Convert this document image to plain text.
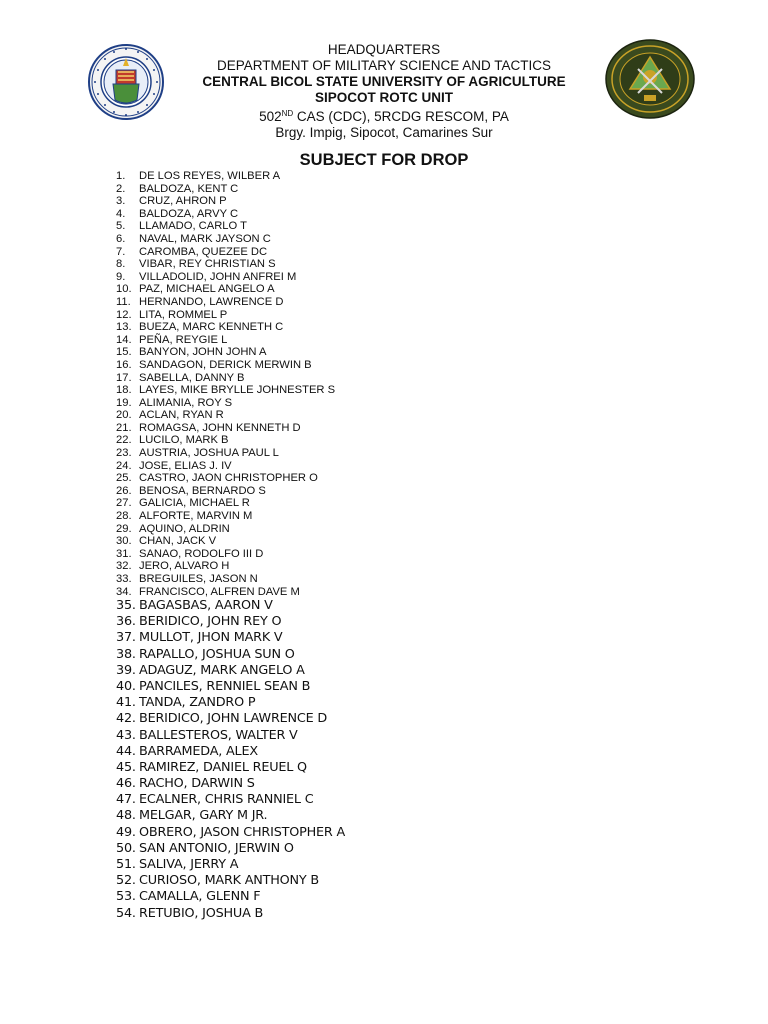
HEADQUARTERS
DEPARTMENT OF MILITARY SCIENCE AND TACTICS
CENTRAL BICOL STATE UNIVERSITY OF AGRICULTURE
SIPOCOT ROTC UNIT
502ND CAS (CDC), 5RCDG RESCOM, PA
Brgy. Impig, Sipocot, Camarines Sur
SUBJECT FOR DROP
1.	DE LOS REYES, WILBER A
2.	BALDOZA, KENT C
3.	CRUZ, AHRON P
4.	BALDOZA, ARVY C
5.	LLAMADO, CARLO T
6.	NAVAL, MARK JAYSON C
7.	CAROMBA, QUEZEE DC
8.	VIBAR, REY CHRISTIAN S
9.	VILLADOLID, JOHN ANFREI M
10. PAZ, MICHAEL ANGELO A
11. HERNANDO, LAWRENCE D
12. LITA, ROMMEL P
13. BUEZA, MARC KENNETH C
14. PEÑA, REYGIE L
15. BANYON, JOHN JOHN A
16. SANDAGON, DERICK MERWIN B
17. SABELLA, DANNY B
18. LAYES, MIKE BRYLLE JOHNESTER S
19. ALIMANIA, ROY S
20. ACLAN, RYAN R
21. ROMAGSA, JOHN KENNETH D
22. LUCILO, MARK B
23. AUSTRIA, JOSHUA PAUL L
24. JOSE, ELIAS J. IV
25. CASTRO, JAON CHRISTOPHER O
26. BENOSA, BERNARDO S
27. GALICIA, MICHAEL R
28. ALFORTE, MARVIN M
29. AQUINO, ALDRIN
30. CHAN, JACK V
31. SANAO, RODOLFO III D
32. JERO, ALVARO H
33. BREGUILES, JASON N
34. FRANCISCO, ALFREN DAVE M
35. BAGASBAS, AARON V
36. BERIDICO, JOHN REY O
37. MULLOT, JHON MARK V
38. RAPALLO, JOSHUA SUN O
39. ADAGUZ, MARK ANGELO A
40. PANCILES, RENNIEL SEAN B
41. TANDA, ZANDRO P
42. BERIDICO, JOHN LAWRENCE D
43. BALLESTEROS, WALTER V
44. BARRAMEDA, ALEX
45. RAMIREZ, DANIEL REUEL Q
46. RACHO, DARWIN S
47. ECALNER, CHRIS RANNIEL C
48. MELGAR, GARY M JR.
49. OBRERO, JASON CHRISTOPHER A
50. SAN ANTONIO, JERWIN O
51. SALIVA, JERRY A
52. CURIOSO, MARK ANTHONY B
53. CAMALLA, GLENN F
54. RETUBIO, JOSHUA B
